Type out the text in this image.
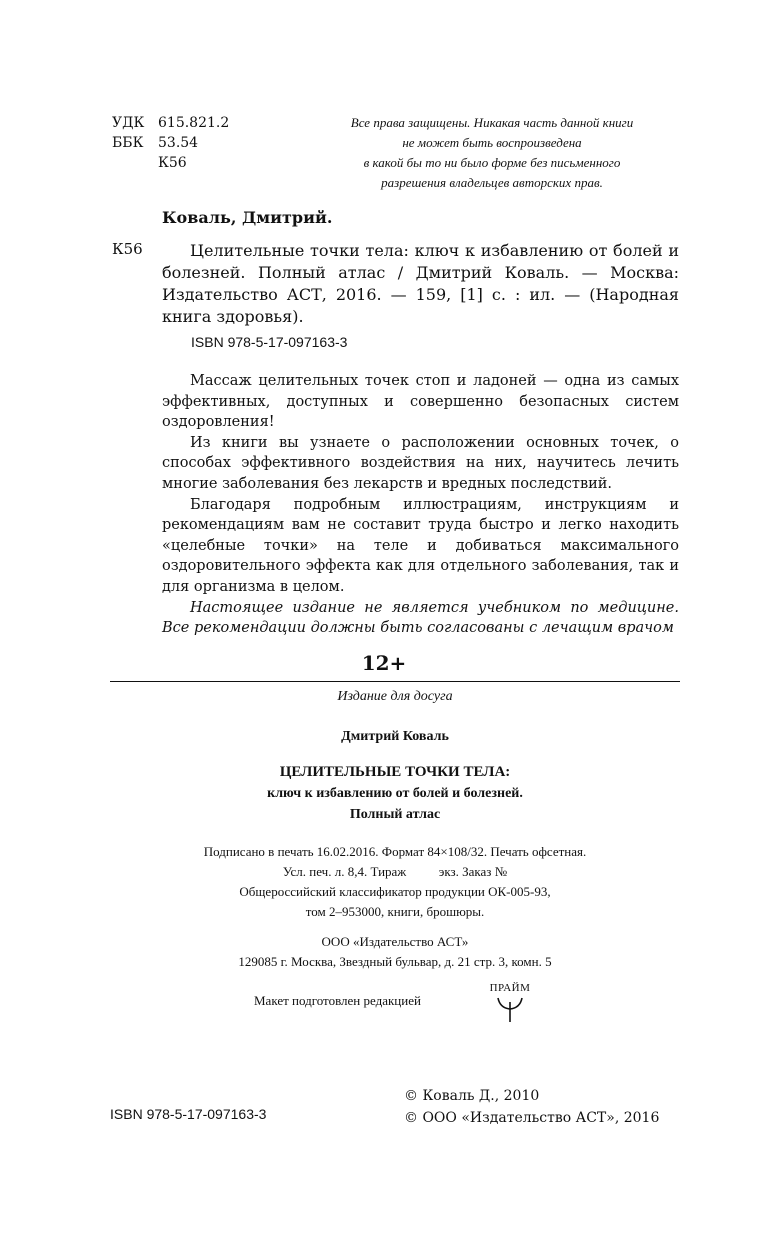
УДК 615.821.2
ББК	53.54
К56
Все права защищены. Никакая часть данной книги
не может быть воспроизведена
в какой бы то ни было форме без письменного
разрешения владельцев авторских прав.
Коваль, Дмитрий.
К56	Целительные точки тела: ключ к избавлению от болей и болезней. Полный атлас / Дмитрий Коваль. — Москва: Издательство АСТ, 2016. — 159, [1] с. : ил. — (Народная книга здоровья).
ISBN 978-5-17-097163-3

Массаж целительных точек стоп и ладоней — одна из самых эффективных, доступных и совершенно безопасных систем оздоровления!

Из книги вы узнаете о расположении основных точек, о способах эффективного воздействия на них, научитесь лечить многие заболевания без лекарств и вредных последствий.

Благодаря подробным иллюстрациям, инструкциям и рекомендациям вам не составит труда быстро и легко находить «целебные точки» на теле и добиваться максимального оздоровительного эффекта как для отдельного заболевания, так и для организма в целом.

Настоящее издание не является учебником по медицине. Все рекомендации должны быть согласованы с лечащим врачом

12+
Издание для досуга
Дмитрий Коваль
ЦЕЛИТЕЛЬНЫЕ ТОЧКИ ТЕЛА:
ключ к избавлению от болей и болезней.
Полный атлас
Подписано в печать 16.02.2016. Формат 84×108/32. Печать офсетная.
Усл. печ. л. 8,4. Тираж          экз. Заказ №
Общероссийский классификатор продукции ОК-005-93,
том 2–953000, книги, брошюры.
ООО «Издательство АСТ»
129085 г. Москва, Звездный бульвар, д. 21 стр. 3, комн. 5
Макет подготовлен редакцией
ПРАЙМ
ISBN 978-5-17-097163-3
© Коваль Д., 2010
© ООО «Издательство АСТ», 2016
